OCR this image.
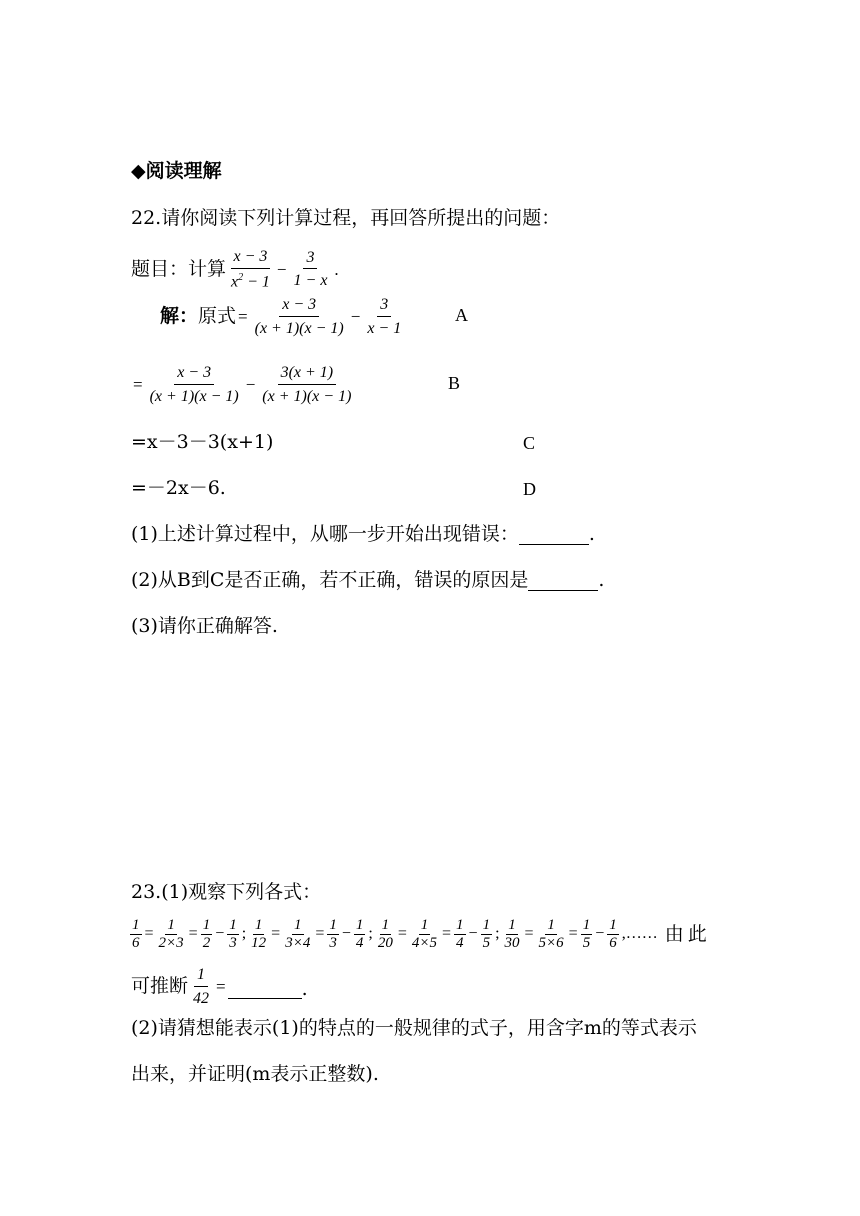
◆阅读理解
22.请你阅读下列计算过程，再回答所提出的问题：
题目：计算 $\frac{x - 3}{x^2 - 1} - \frac{3}{1 - x}$ .
解： 原式 = $\frac{x - 3}{(x + 1)(x - 1)} - \frac{3}{x - 1}$	A
= $\frac{x - 3}{(x + 1)(x - 1)} - \frac{3(x + 1)}{(x + 1)(x - 1)}$	B
=x－3－3(x+1)	C
=－2x－6.	D
(1)上述计算过程中，从哪一步开始出现错误：	.
(2)从B到C是否正确，若不正确，错误的原因是	.
(3)请你正确解答.
23.(1)观察下列各式：
$\frac{1}{6} = \frac{1}{2\times 3} = \frac{1}{2} - \frac{1}{3}$ ; $\frac{1}{12} = \frac{1}{3\times 4} = \frac{1}{3} - \frac{1}{4}$ ; $\frac{1}{20} = \frac{1}{4\times 5} = \frac{1}{4} - \frac{1}{5}$ ; $\frac{1}{30} = \frac{1}{5\times 6} = \frac{1}{5} - \frac{1}{6}$ ,…… 由此
可推断 $\frac{1}{42}$ =
	.
(2)请猜想能表示(1)的特点的一般规律的式子，用含字m的等式表示
出来，并证明(m表示正整数).
